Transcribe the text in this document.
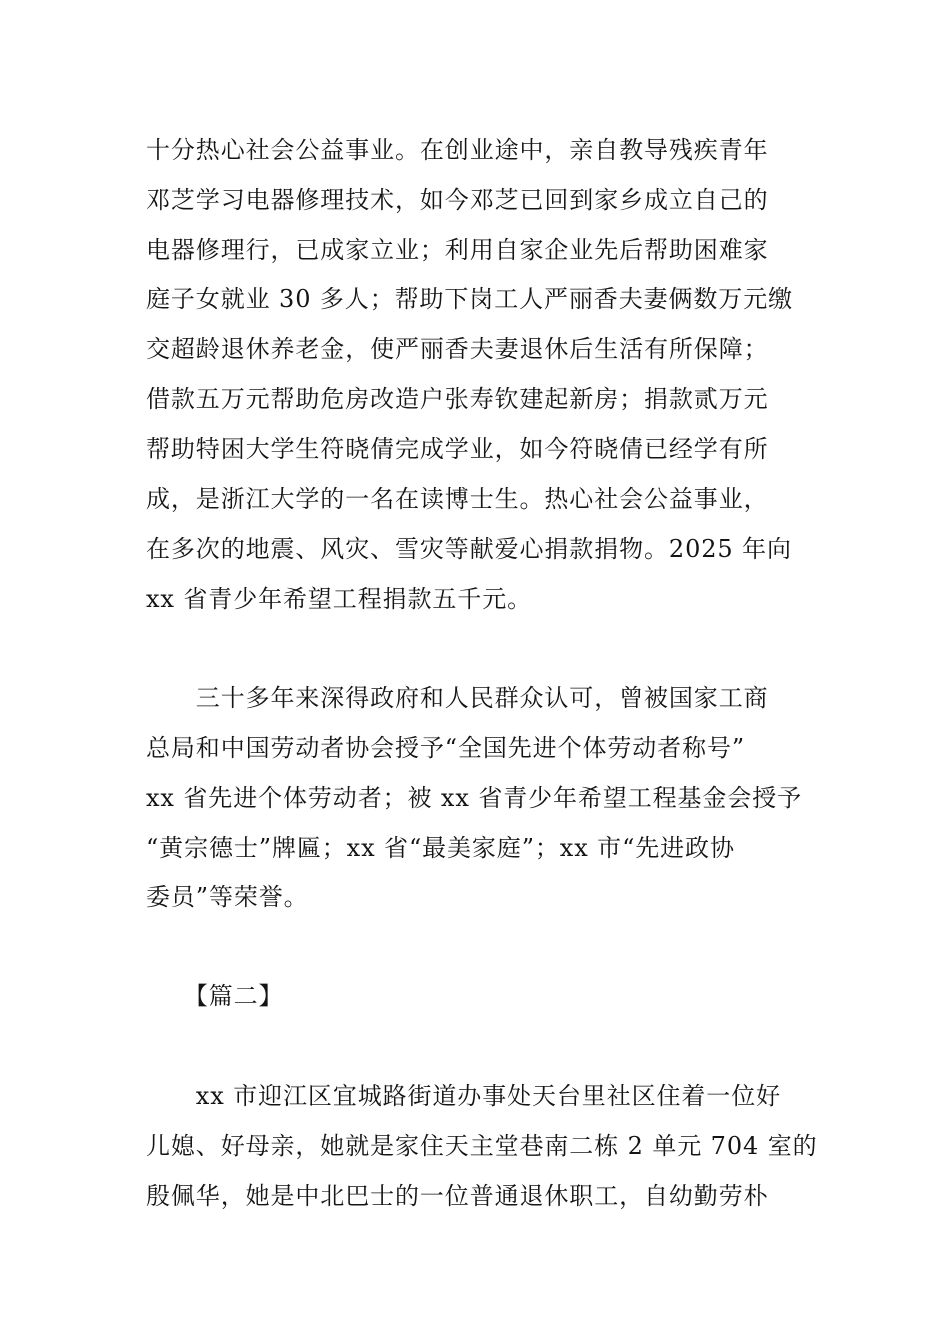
十分热心社会公益事业。在创业途中，亲自教导残疾青年
邓芝学习电器修理技术，如今邓芝已回到家乡成立自己的
电器修理行，已成家立业；利用自家企业先后帮助困难家
庭子女就业 30 多人；帮助下岗工人严丽香夫妻俩数万元缴
交超龄退休养老金，使严丽香夫妻退休后生活有所保障；
借款五万元帮助危房改造户张寿钦建起新房；捐款贰万元
帮助特困大学生符晓倩完成学业，如今符晓倩已经学有所
成，是浙江大学的一名在读博士生。热心社会公益事业，
在多次的地震、风灾、雪灾等献爱心捐款捐物。2025 年向
xx 省青少年希望工程捐款五千元。
　　三十多年来深得政府和人民群众认可，曾被国家工商
总局和中国劳动者协会授予“全国先进个体劳动者称号”
xx 省先进个体劳动者；被 xx 省青少年希望工程基金会授予
“黄宗德士”牌匾；xx 省“最美家庭”；xx 市“先进政协
委员”等荣誉。
　　【篇二】
　　xx 市迎江区宜城路街道办事处天台里社区住着一位好
儿媳、好母亲，她就是家住天主堂巷南二栋 2 单元 704 室的
殷佩华，她是中北巴士的一位普通退休职工，自幼勤劳朴
